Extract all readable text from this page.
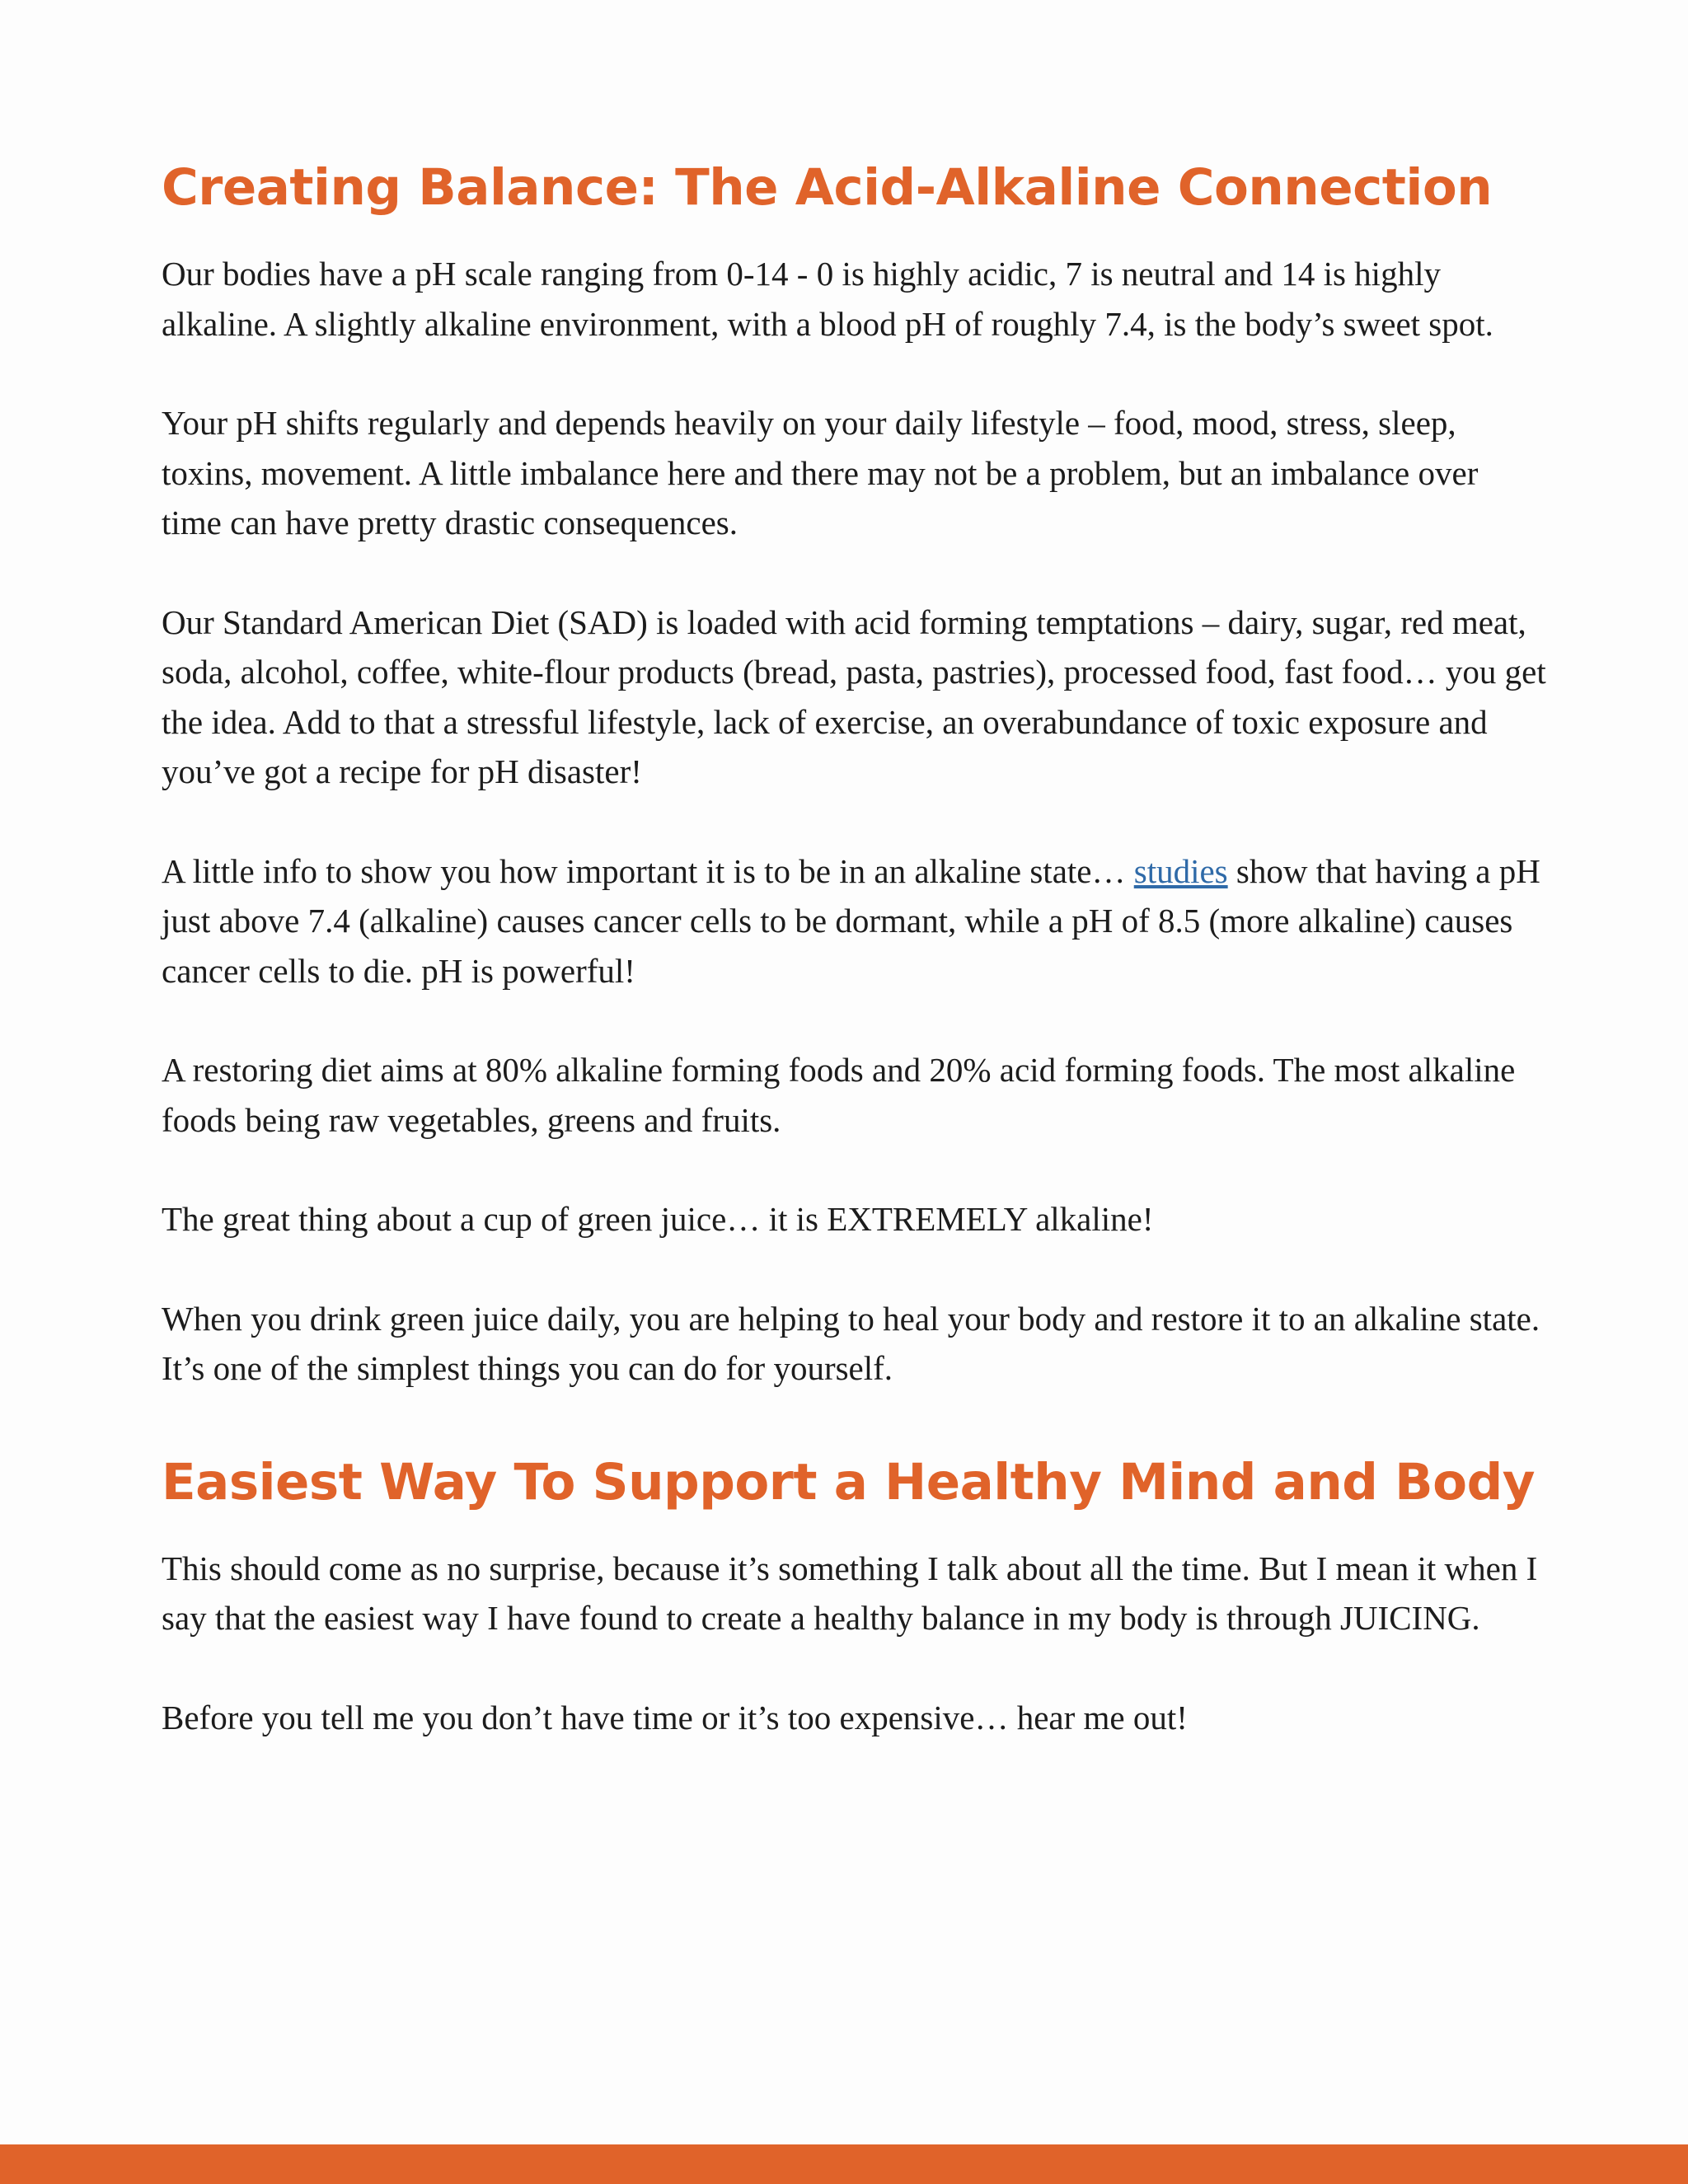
Creating Balance: The Acid-Alkaline Connection

Our bodies have a pH scale ranging from 0-14 - 0 is highly acidic, 7 is neutral and 14 is highly alkaline. A slightly alkaline environment, with a blood pH of roughly 7.4, is the body’s sweet spot.

Your pH shifts regularly and depends heavily on your daily lifestyle – food, mood, stress, sleep, toxins, movement. A little imbalance here and there may not be a problem, but an imbalance over time can have pretty drastic consequences.

Our Standard American Diet (SAD) is loaded with acid forming temptations – dairy, sugar, red meat, soda, alcohol, coffee, white-flour products (bread, pasta, pastries), processed food, fast food… you get the idea. Add to that a stressful lifestyle, lack of exercise, an overabundance of toxic exposure and you’ve got a recipe for pH disaster!

A little info to show you how important it is to be in an alkaline state… studies show that having a pH just above 7.4 (alkaline) causes cancer cells to be dormant, while a pH of 8.5 (more alkaline) causes cancer cells to die. pH is powerful!

A restoring diet aims at 80% alkaline forming foods and 20% acid forming foods. The most alkaline foods being raw vegetables, greens and fruits.

The great thing about a cup of green juice… it is EXTREMELY alkaline!

When you drink green juice daily, you are helping to heal your body and restore it to an alkaline state. It’s one of the simplest things you can do for yourself.

Easiest Way To Support a Healthy Mind and Body

This should come as no surprise, because it’s something I talk about all the time. But I mean it when I say that the easiest way I have found to create a healthy balance in my body is through JUICING.

Before you tell me you don’t have time or it’s too expensive… hear me out!
